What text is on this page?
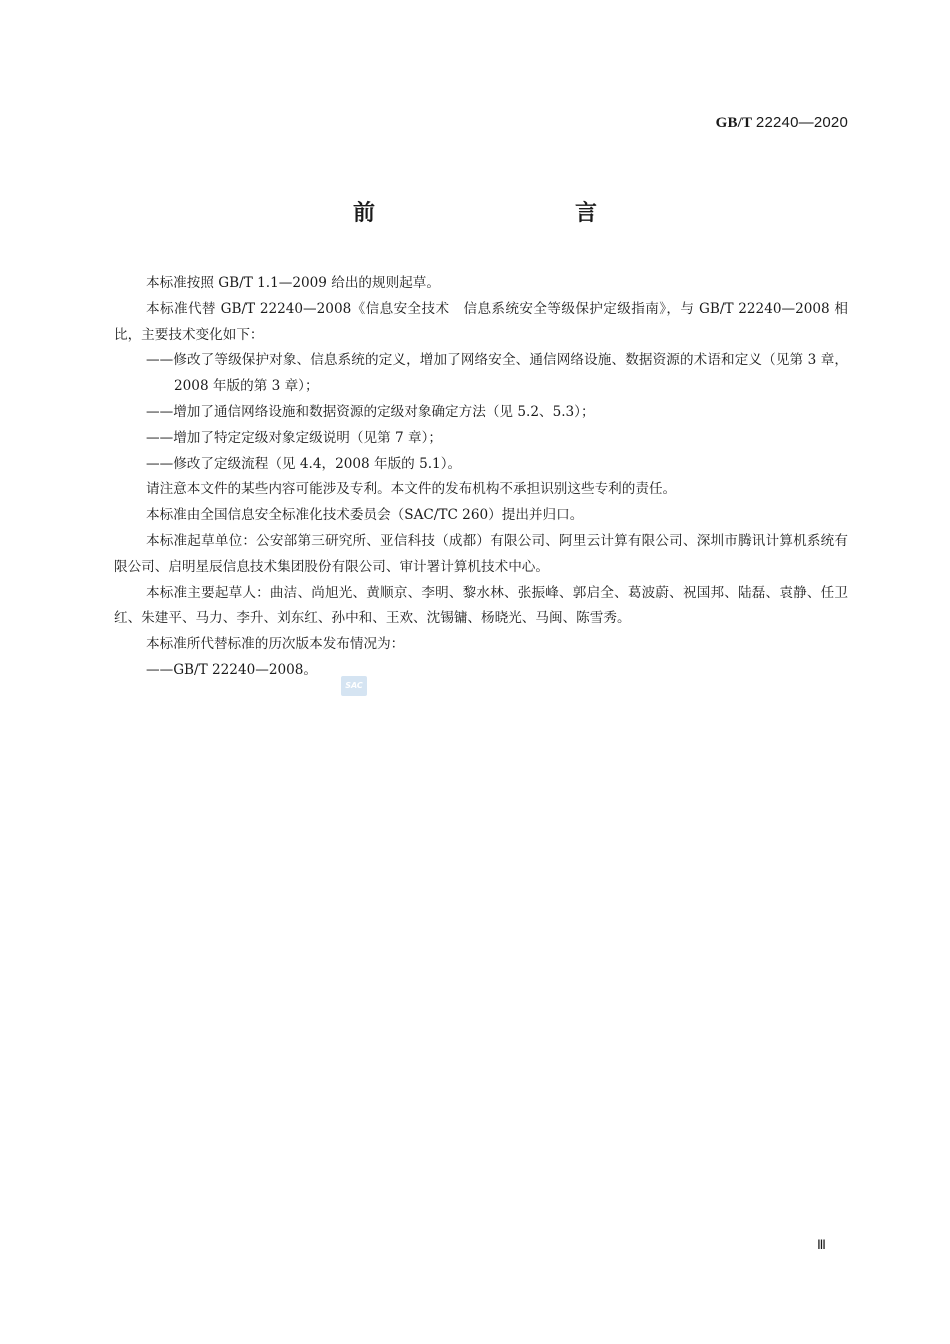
GB/T 22240—2020
前　　言

本标准按照 GB/T 1.1—2009 给出的规则起草。

本标准代替 GB/T 22240—2008《信息安全技术　信息系统安全等级保护定级指南》，与 GB/T 22240—2008 相比，主要技术变化如下：

——修改了等级保护对象、信息系统的定义，增加了网络安全、通信网络设施、数据资源的术语和定义（见第 3 章，2008 年版的第 3 章）；

——增加了通信网络设施和数据资源的定级对象确定方法（见 5.2、5.3）；

——增加了特定定级对象定级说明（见第 7 章）；

——修改了定级流程（见 4.4，2008 年版的 5.1）。

请注意本文件的某些内容可能涉及专利。本文件的发布机构不承担识别这些专利的责任。

本标准由全国信息安全标准化技术委员会（SAC/TC 260）提出并归口。

本标准起草单位：公安部第三研究所、亚信科技（成都）有限公司、阿里云计算有限公司、深圳市腾讯计算机系统有限公司、启明星辰信息技术集团股份有限公司、审计署计算机技术中心。

本标准主要起草人：曲洁、尚旭光、黄顺京、李明、黎水林、张振峰、郭启全、葛波蔚、祝国邦、陆磊、袁静、任卫红、朱建平、马力、李升、刘东红、孙中和、王欢、沈锡镛、杨晓光、马闽、陈雪秀。

本标准所代替标准的历次版本发布情况为：

——GB/T 22240—2008。

SAC
Ⅲ
